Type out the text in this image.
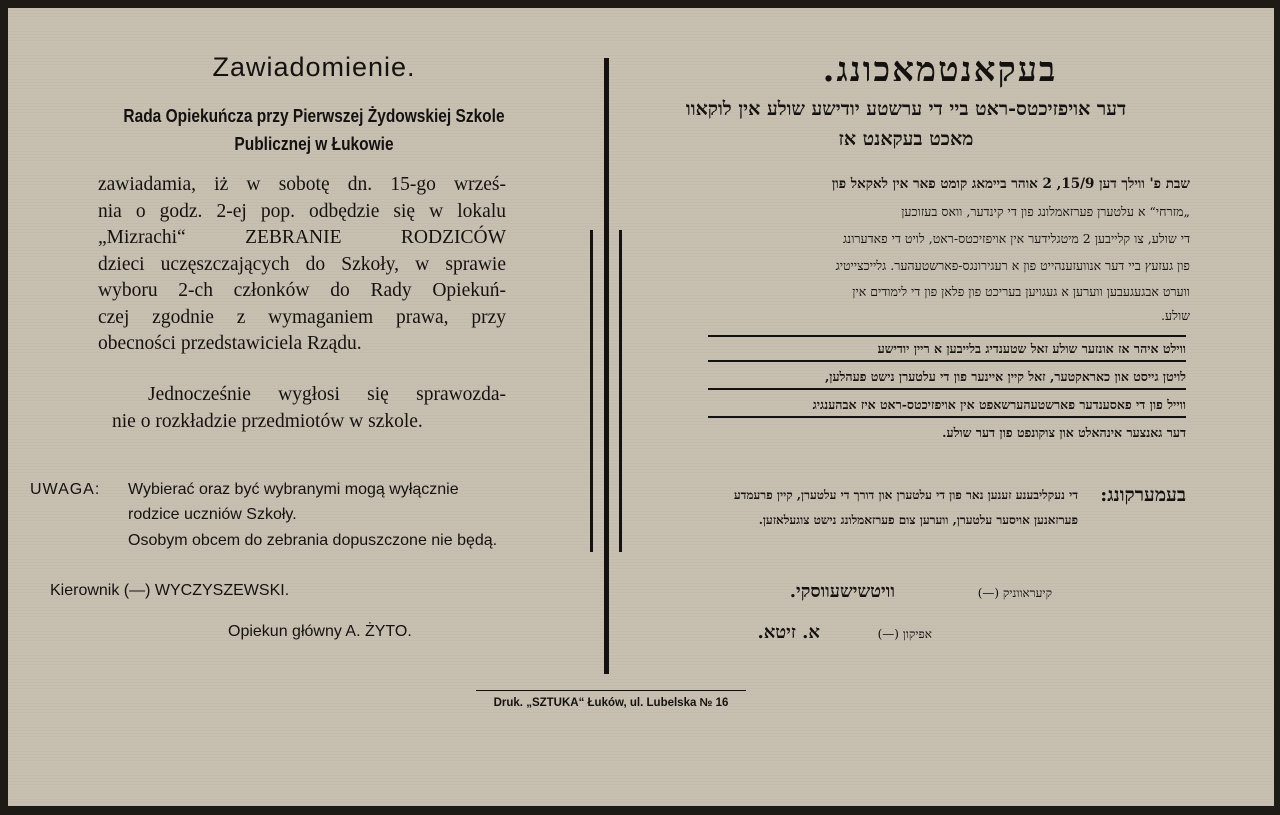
Zawiadomienie.
Rada Opiekuńcza przy Pierwszej Żydowskiej Szkole
Publicznej w Łukowie
zawiadamia, iż w sobotę dn. 15-go wrześ-
nia o godz. 2-ej pop. odbędzie się w lokalu
„Mizrachi“ ZEBRANIE RODZICÓW
dzieci uczęszczających do Szkoły, w sprawie
wyboru 2-ch członków do Rady Opiekuń-
czej zgodnie z wymaganiem prawa, przy
obecności przedstawiciela Rządu.
Jednocześnie wygłosi się sprawozda-
nie o rozkładzie przedmiotów w szkole.
UWAGA: Wybierać oraz być wybranymi mogą wyłącznie
rodzice uczniów Szkoły.
Osobym obcem do zebrania dopuszczone nie będą.
Kierownik (—) WYCZYSZEWSKI.
Opiekun główny A. ŻYTO.
בעקאנטמאכונג.
דער אויפזיכטס-ראט ביי די ערשטע יודישע שולע אין לוקאוו
מאכט בעקאנט אז
שבת פ' ווילך דען 15/9, 2 אוהר ביימאג קומט פאר אין לאקאל פון
„מזרחי“ א עלטערן פערזאמלונג פון די קינדער, וואס בעזוכען
די שולע, צו קלייבען 2 מיטגלידער אין אויפזיכטס-ראט, לויט די פאדערונג
פון געזעץ ביי דער אנוועזענהייט פון א רעגירונגס-פארשטעהער. גלייכצייטיג
ווערט אבגעגעבען ווערען א געגויען בעריכט פון פלאן פון די לימודים אין
שולע.
ווילט איהר אז אונזער שולע זאל שטענדיג בלייבען א ריין יודישע
לויטן גייסט און כאראקטער, זאל קיין איינער פון די עלטערן נישט פעהלען,
ווייל פון די פאסענדער פארשטעהערשאפט אין אויפזיכטס-ראט איז אבהענגיג
דער גאנצער אינהאלט און צוקונפט פון דער שולע.
בעמערקונג:
די נעקליבענע זענען נאר פון די עלטערן און דורך די עלטערן, קיין פרעמדע
פערזאנען אויסער עלטערן, ווערען צום פערזאמלונג נישט צוגעלאזען.
קיעראווניק (—)
וויטשישעווסקי.
אפיקון (—)
א. זיטא.
Druk. „SZTUKA“ Łuków, ul. Lubelska № 16
